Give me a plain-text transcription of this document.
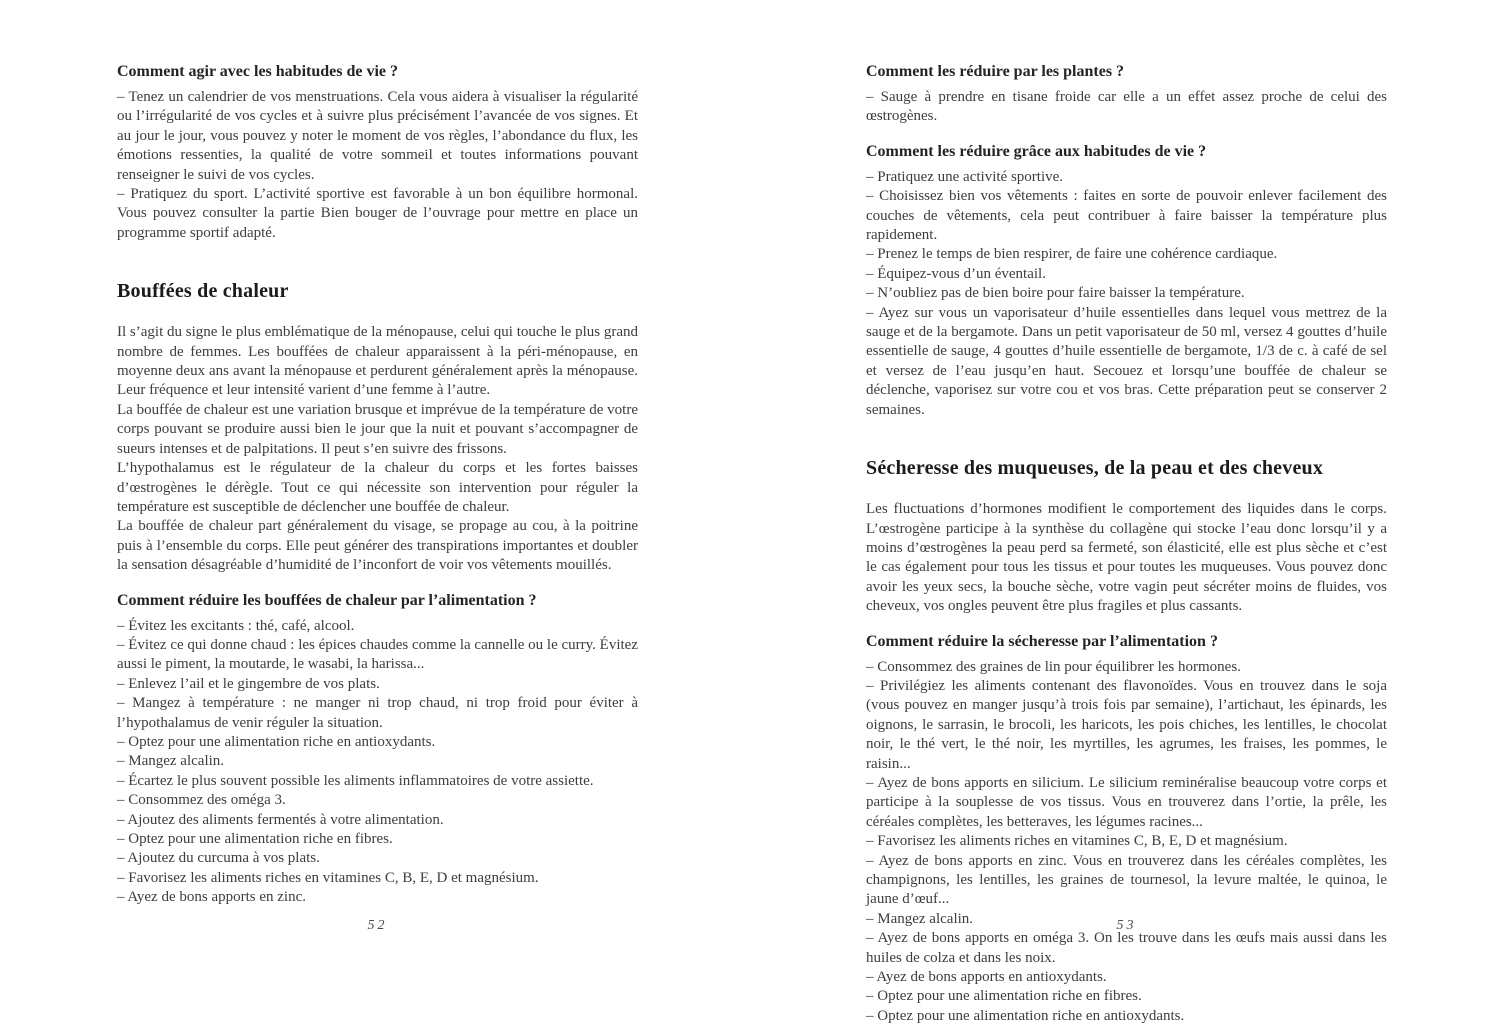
Comment agir avec les habitudes de vie ?

– Tenez un calendrier de vos menstruations. Cela vous aidera à visualiser la régularité ou l’irrégularité de vos cycles et à suivre plus précisément l’avancée de vos signes. Et au jour le jour, vous pouvez y noter le moment de vos règles, l’abondance du flux, les émotions ressenties, la qualité de votre sommeil et toutes informations pouvant renseigner le suivi de vos cycles.

– Pratiquez du sport. L’activité sportive est favorable à un bon équilibre hormonal. Vous pouvez consulter la partie Bien bouger de l’ouvrage pour mettre en place un programme sportif adapté.

Bouffées de chaleur

Il s’agit du signe le plus emblématique de la ménopause, celui qui touche le plus grand nombre de femmes. Les bouffées de chaleur apparaissent à la péri-ménopause, en moyenne deux ans avant la ménopause et perdurent généralement après la ménopause. Leur fréquence et leur intensité varient d’une femme à l’autre.

La bouffée de chaleur est une variation brusque et imprévue de la température de votre corps pouvant se produire aussi bien le jour que la nuit et pouvant s’accompagner de sueurs intenses et de palpitations. Il peut s’en suivre des frissons.

L’hypothalamus est le régulateur de la chaleur du corps et les fortes baisses d’œstrogènes le dérègle. Tout ce qui nécessite son intervention pour réguler la température est susceptible de déclencher une bouffée de chaleur.

La bouffée de chaleur part généralement du visage, se propage au cou, à la poitrine puis à l’ensemble du corps. Elle peut générer des transpirations importantes et doubler la sensation désagréable d’humidité de l’inconfort de voir vos vêtements mouillés.

Comment réduire les bouffées de chaleur par l’alimentation ?

– Évitez les excitants : thé, café, alcool.

– Évitez ce qui donne chaud : les épices chaudes comme la cannelle ou le curry. Évitez aussi le piment, la moutarde, le wasabi, la harissa...

– Enlevez l’ail et le gingembre de vos plats.

– Mangez à température : ne manger ni trop chaud, ni trop froid pour éviter à l’hypothalamus de venir réguler la situation.

– Optez pour une alimentation riche en antioxydants.

– Mangez alcalin.

– Écartez le plus souvent possible les aliments inflammatoires de votre assiette.

– Consommez des oméga 3.

– Ajoutez des aliments fermentés à votre alimentation.

– Optez pour une alimentation riche en fibres.

– Ajoutez du curcuma à vos plats.

– Favorisez les aliments riches en vitamines C, B, E, D et magnésium.

– Ayez de bons apports en zinc.

52
Comment les réduire par les plantes ?

– Sauge à prendre en tisane froide car elle a un effet assez proche de celui des œstrogènes.

Comment les réduire grâce aux habitudes de vie ?

– Pratiquez une activité sportive.

– Choisissez bien vos vêtements : faites en sorte de pouvoir enlever facilement des couches de vêtements, cela peut contribuer à faire baisser la température plus rapidement.

– Prenez le temps de bien respirer, de faire une cohérence cardiaque.

– Équipez-vous d’un éventail.

– N’oubliez pas de bien boire pour faire baisser la température.

– Ayez sur vous un vaporisateur d’huile essentielles dans lequel vous mettrez de la sauge et de la bergamote. Dans un petit vaporisateur de 50 ml, versez 4 gouttes d’huile essentielle de sauge, 4 gouttes d’huile essentielle de bergamote, 1/3 de c. à café de sel et versez de l’eau jusqu’en haut. Secouez et lorsqu’une bouffée de chaleur se déclenche, vaporisez sur votre cou et vos bras. Cette préparation peut se conserver 2 semaines.

Sécheresse des muqueuses, de la peau et des cheveux

Les fluctuations d’hormones modifient le comportement des liquides dans le corps. L’œstrogène participe à la synthèse du collagène qui stocke l’eau donc lorsqu’il y a moins d’œstrogènes la peau perd sa fermeté, son élasticité, elle est plus sèche et c’est le cas également pour tous les tissus et pour toutes les muqueuses. Vous pouvez donc avoir les yeux secs, la bouche sèche, votre vagin peut sécréter moins de fluides, vos cheveux, vos ongles peuvent être plus fragiles et plus cassants.

Comment réduire la sécheresse par l’alimentation ?

– Consommez des graines de lin pour équilibrer les hormones.

– Privilégiez les aliments contenant des flavonoïdes. Vous en trouvez dans le soja (vous pouvez en manger jusqu’à trois fois par semaine), l’artichaut, les épinards, les oignons, le sarrasin, le brocoli, les haricots, les pois chiches, les lentilles, le chocolat noir, le thé vert, le thé noir, les myrtilles, les agrumes, les fraises, les pommes, le raisin...

– Ayez de bons apports en silicium. Le silicium reminéralise beaucoup votre corps et participe à la souplesse de vos tissus. Vous en trouverez dans l’ortie, la prêle, les céréales complètes, les betteraves, les légumes racines...

– Favorisez les aliments riches en vitamines C, B, E, D et magnésium.

– Ayez de bons apports en zinc. Vous en trouverez dans les céréales complètes, les champignons, les lentilles, les graines de tournesol, la levure maltée, le quinoa, le jaune d’œuf...

– Mangez alcalin.

– Ayez de bons apports en oméga 3. On les trouve dans les œufs mais aussi dans les huiles de colza et dans les noix.

– Ayez de bons apports en antioxydants.

– Optez pour une alimentation riche en fibres.

– Optez pour une alimentation riche en antioxydants.

53
